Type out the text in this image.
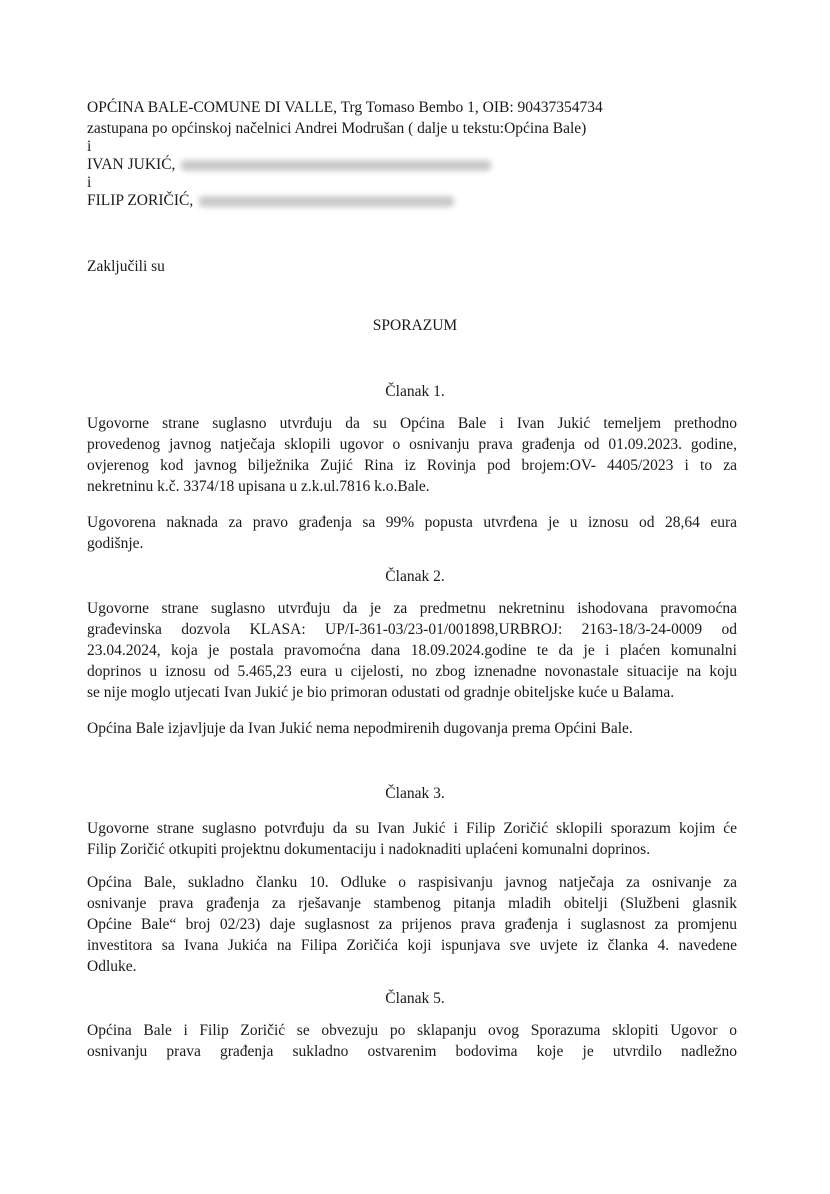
OPĆINA BALE-COMUNE DI VALLE, Trg Tomaso Bembo 1, OIB: 90437354734
zastupana po općinskoj načelnici Andrei Modrušan ( dalje u tekstu:Općina Bale)
i
IVAN JUKIĆ,
i
FILIP ZORIČIĆ,
Zaključili su
SPORAZUM
Članak 1.
Ugovorne strane suglasno utvrđuju da su Općina Bale i Ivan Jukić temeljem prethodno
provedenog javnog natječaja sklopili ugovor o osnivanju prava građenja od 01.09.2023. godine,
ovjerenog kod javnog bilježnika Zujić Rina iz Rovinja pod brojem:OV- 4405/2023 i to za
nekretninu k.č. 3374/18 upisana u z.k.ul.7816 k.o.Bale.
Ugovorena naknada za pravo građenja sa 99% popusta utvrđena je u iznosu od 28,64 eura
godišnje.
Članak 2.
Ugovorne strane suglasno utvrđuju da je za predmetnu nekretninu ishodovana pravomoćna
građevinska dozvola KLASA: UP/I-361-03/23-01/001898,URBROJ: 2163-18/3-24-0009 od
23.04.2024, koja je postala pravomoćna dana 18.09.2024.godine te da je i plaćen komunalni
doprinos u iznosu od 5.465,23 eura u cijelosti, no zbog iznenadne novonastale situacije na koju
se nije moglo utjecati Ivan Jukić je bio primoran odustati od gradnje obiteljske kuće u Balama.
Općina Bale izjavljuje da Ivan Jukić nema nepodmirenih dugovanja prema Općini Bale.
Članak 3.
Ugovorne strane suglasno potvrđuju da su Ivan Jukić i Filip Zoričić sklopili sporazum kojim će
Filip Zoričić otkupiti projektnu dokumentaciju i nadoknaditi uplaćeni komunalni doprinos.
Općina Bale, sukladno članku 10. Odluke o raspisivanju javnog natječaja za osnivanje za
osnivanje prava građenja za rješavanje stambenog pitanja mladih obitelji (Službeni glasnik
Općine Bale“ broj 02/23) daje suglasnost za prijenos prava građenja i suglasnost za promjenu
investitora sa Ivana Jukića na Filipa Zoričića koji ispunjava sve uvjete iz članka 4. navedene
Odluke.
Članak 5.
Općina Bale i Filip Zoričić se obvezuju po sklapanju ovog Sporazuma sklopiti Ugovor o
osnivanju prava građenja sukladno ostvarenim bodovima koje je utvrdilo nadležno
